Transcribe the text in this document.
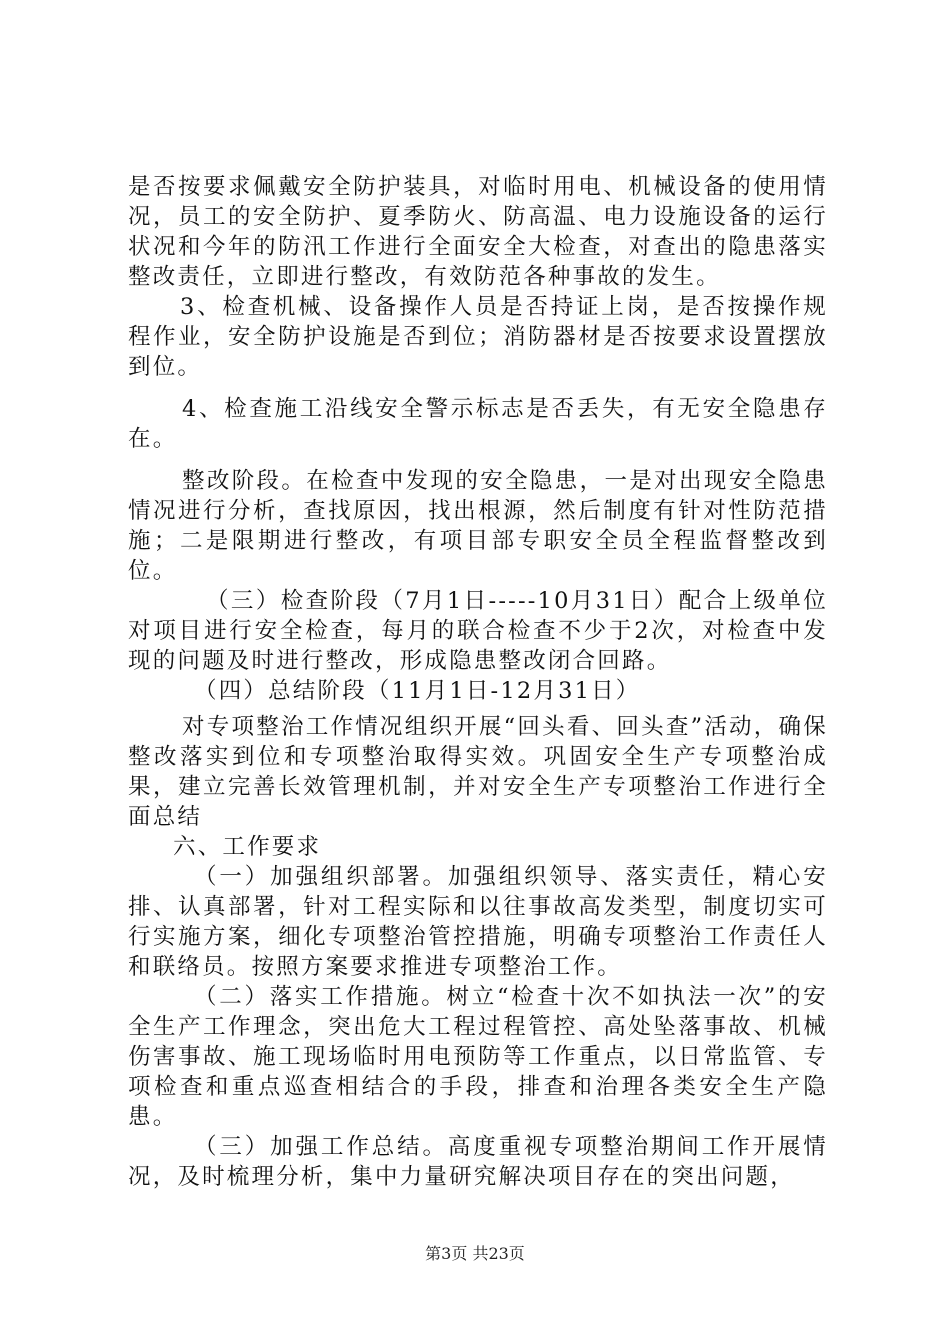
是否按要求佩戴安全防护装具，对临时用电、机械设备的使用情况，员工的安全防护、夏季防火、防高温、电力设施设备的运行状况和今年的防汛工作进行全面安全大检查，对查出的隐患落实整改责任，立即进行整改，有效防范各种事故的发生。

3、检查机械、设备操作人员是否持证上岗，是否按操作规程作业，安全防护设施是否到位；消防器材是否按要求设置摆放到位。

4、检查施工沿线安全警示标志是否丢失，有无安全隐患存在。

整改阶段。在检查中发现的安全隐患，一是对出现安全隐患情况进行分析，查找原因，找出根源，然后制度有针对性防范措施；二是限期进行整改，有项目部专职安全员全程监督整改到位。

（三）检查阶段（7月1日-----10月31日）配合上级单位对项目进行安全检查，每月的联合检查不少于2次，对检查中发现的问题及时进行整改，形成隐患整改闭合回路。

（四）总结阶段（11月1日-12月31日）

对专项整治工作情况组织开展“回头看、回头查”活动，确保整改落实到位和专项整治取得实效。巩固安全生产专项整治成果，建立完善长效管理机制，并对安全生产专项整治工作进行全面总结

六、工作要求

（一）加强组织部署。加强组织领导、落实责任，精心安排、认真部署，针对工程实际和以往事故高发类型，制度切实可行实施方案，细化专项整治管控措施，明确专项整治工作责任人和联络员。按照方案要求推进专项整治工作。

（二）落实工作措施。树立“检查十次不如执法一次”的安全生产工作理念，突出危大工程过程管控、高处坠落事故、机械伤害事故、施工现场临时用电预防等工作重点，以日常监管、专项检查和重点巡查相结合的手段，排查和治理各类安全生产隐患。

（三）加强工作总结。高度重视专项整治期间工作开展情况，及时梳理分析，集中力量研究解决项目存在的突出问题，

第3页 共23页
